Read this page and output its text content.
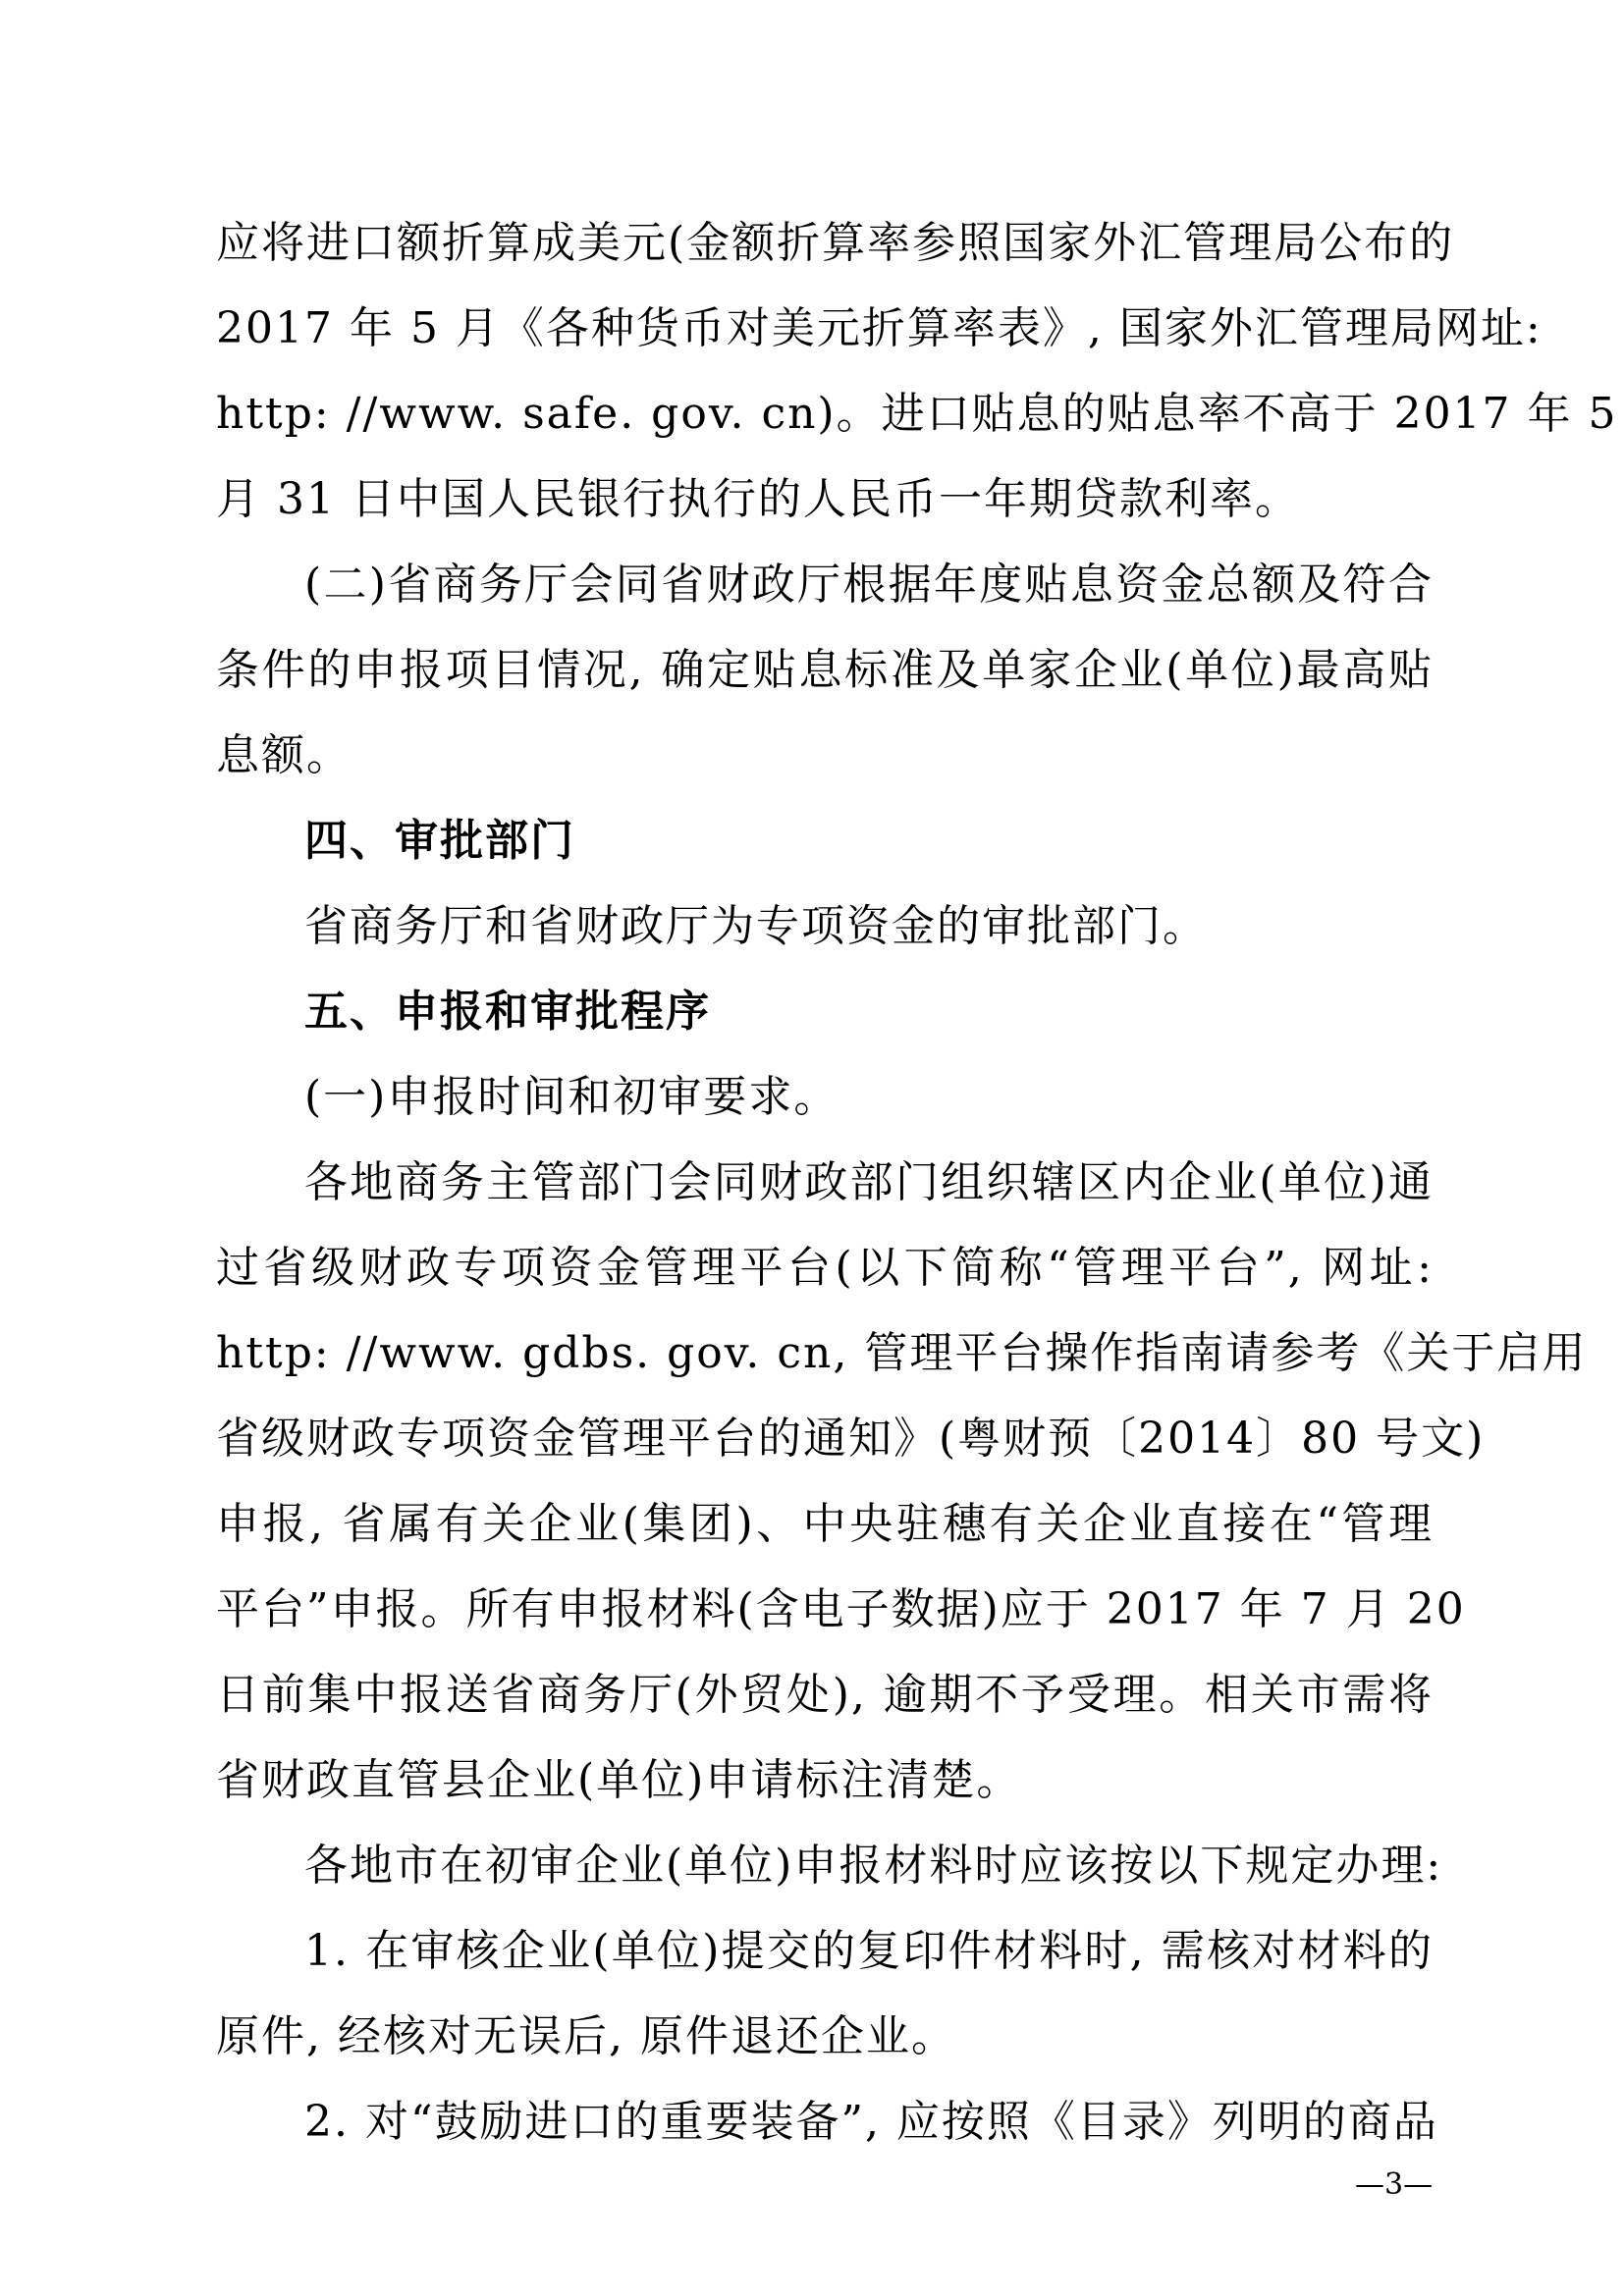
应将进口额折算成美元(金额折算率参照国家外汇管理局公布的
2017 年 5 月《各种货币对美元折算率表》, 国家外汇管理局网址:
http: //www. safe. gov. cn)。进口贴息的贴息率不高于 2017 年 5
月 31 日中国人民银行执行的人民币一年期贷款利率。
(二)省商务厅会同省财政厅根据年度贴息资金总额及符合
条件的申报项目情况, 确定贴息标准及单家企业(单位)最高贴
息额。
四、审批部门
省商务厅和省财政厅为专项资金的审批部门。
五、申报和审批程序
(一)申报时间和初审要求。
各地商务主管部门会同财政部门组织辖区内企业(单位)通
过省级财政专项资金管理平台(以下简称“管理平台”, 网址:
http: //www. gdbs. gov. cn, 管理平台操作指南请参考《关于启用
省级财政专项资金管理平台的通知》(粤财预〔2014〕80 号文)
申报, 省属有关企业(集团)、中央驻穗有关企业直接在“管理
平台”申报。所有申报材料(含电子数据)应于 2017 年 7 月 20
日前集中报送省商务厅(外贸处), 逾期不予受理。相关市需将
省财政直管县企业(单位)申请标注清楚。
各地市在初审企业(单位)申报材料时应该按以下规定办理:
1. 在审核企业(单位)提交的复印件材料时, 需核对材料的
原件, 经核对无误后, 原件退还企业。
2. 对“鼓励进口的重要装备”, 应按照《目录》列明的商品
—3—
